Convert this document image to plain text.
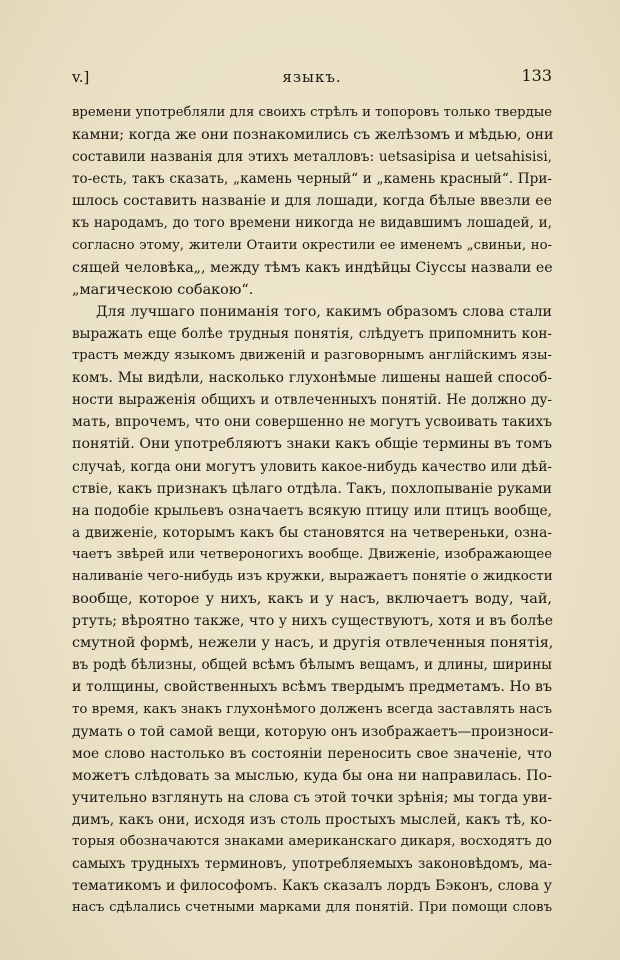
v.]	языкъ.	133
времени употребляли для своихъ стрѣлъ и топоровъ только твердые
камни; когда же они познакомились съ желѣзомъ и мѣдью, они
составили названія для этихъ металловъ: uetsasipisa и uetsahisisi,
то-есть, такъ сказать, „камень черный“ и „камень красный“. При-
шлось составить названіе и для лошади, когда бѣлые ввезли ее
къ народамъ, до того времени никогда не видавшимъ лошадей, и,
согласно этому, жители Отаити окрестили ее именемъ „свиньи, но-
сящей человѣка„, между тѣмъ какъ индѣйцы Сіуссы назвали ее
„магическою собакою“.
Для лучшаго пониманія того, какимъ образомъ слова стали
выражать еще болѣе трудныя понятія, слѣдуетъ припомнить кон-
трастъ между языкомъ движеній и разговорнымъ англійскимъ язы-
комъ. Мы видѣли, насколько глухонѣмые лишены нашей способ-
ности выраженія общихъ и отвлеченныхъ понятій. Не должно ду-
мать, впрочемъ, что они совершенно не могутъ усвоивать такихъ
понятій. Они употребляютъ знаки какъ общіе термины въ томъ
случаѣ, когда они могутъ уловить какое-нибудь качество или дѣй-
ствіе, какъ признакъ цѣлаго отдѣла. Такъ, похлопываніе руками
на подобіе крыльевъ означаетъ всякую птицу или птицъ вообще,
а движеніе, которымъ какъ бы становятся на четвереньки, озна-
чаетъ звѣрей или четвероногихъ вообще. Движеніе, изображающее
наливаніе чего-нибудь изъ кружки, выражаетъ понятіе о жидкости
вообще, которое у нихъ, какъ и у насъ, включаетъ воду, чай,
ртуть; вѣроятно также, что у нихъ существуютъ, хотя и въ болѣе
смутной формѣ, нежели у насъ, и другія отвлеченныя понятія,
въ родѣ бѣлизны, общей всѣмъ бѣлымъ вещамъ, и длины, ширины
и толщины, свойственныхъ всѣмъ твердымъ предметамъ. Но въ
то время, какъ знакъ глухонѣмого долженъ всегда заставлять насъ
думать о той самой вещи, которую онъ изображаетъ—произноси-
мое слово настолько въ состояніи переносить свое значеніе, что
можетъ слѣдовать за мыслью, куда бы она ни направилась. По-
учительно взглянуть на слова съ этой точки зрѣнія; мы тогда уви-
димъ, какъ они, исходя изъ столь простыхъ мыслей, какъ тѣ, ко-
торыя обозначаются знаками американскаго дикаря, восходятъ до
самыхъ трудныхъ терминовъ, употребляемыхъ законовѣдомъ, ма-
тематикомъ и философомъ. Какъ сказалъ лордъ Бэконъ, слова у
насъ сдѣлались счетными марками для понятій. При помощи словъ
